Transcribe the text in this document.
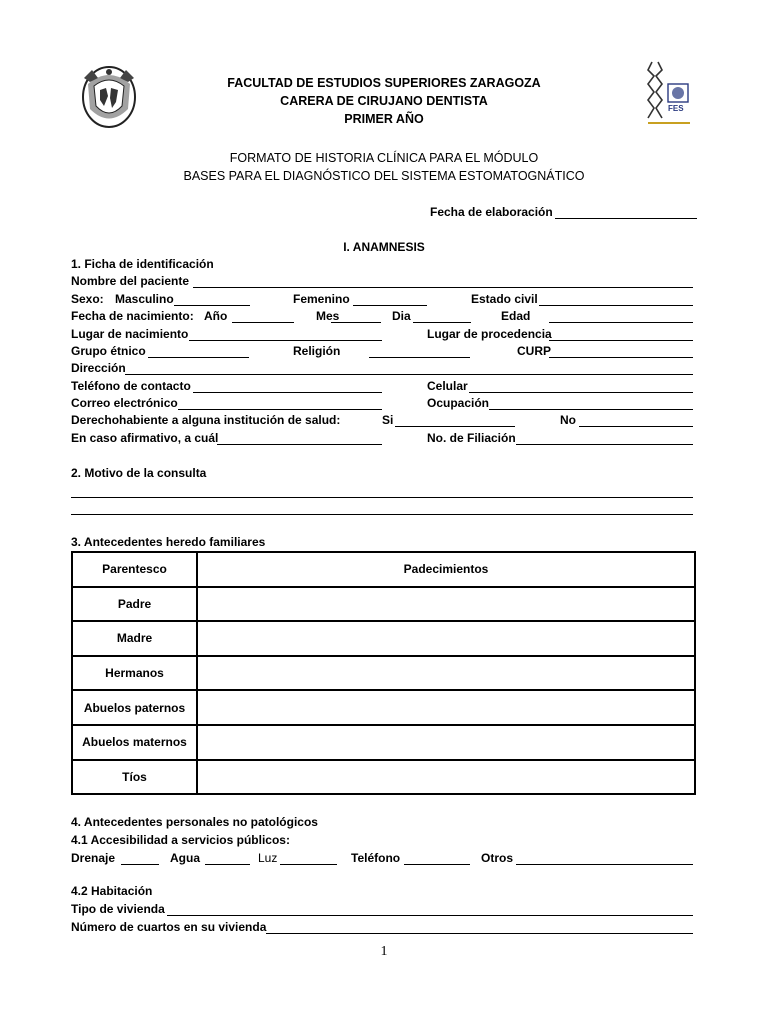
FES
FACULTAD DE ESTUDIOS SUPERIORES ZARAGOZA
CARERA DE CIRUJANO DENTISTA
PRIMER AÑO
FORMATO DE HISTORIA CLÍNICA PARA EL MÓDULO
BASES PARA EL DIAGNÓSTICO DEL SISTEMA ESTOMATOGNÁTICO
Fecha de elaboración
I. ANAMNESIS
1. Ficha de identificación
Nombre del paciente
Sexo: Masculino	Femenino	Estado civil
Fecha de nacimiento: Año	Mes	Dia	Edad
Lugar de nacimiento	Lugar de procedencia
Grupo étnico	Religión	CURP
Dirección
Teléfono de contacto	Celular
Correo electrónico	Ocupación
Derechohabiente a alguna institución de salud:	Si	No
En caso afirmativo, a cuál	No. de Filiación
2. Motivo de la consulta
3. Antecedentes heredo familiares
Parentesco	Padecimientos
Padre	
Madre	
Hermanos	
Abuelos paternos	
Abuelos maternos	
Tíos	
4. Antecedentes personales no patológicos
4.1 Accesibilidad a servicios públicos:
Drenaje	Agua	Luz	Teléfono	Otros
4.2 Habitación
Tipo de vivienda
Número de cuartos en su vivienda
1
